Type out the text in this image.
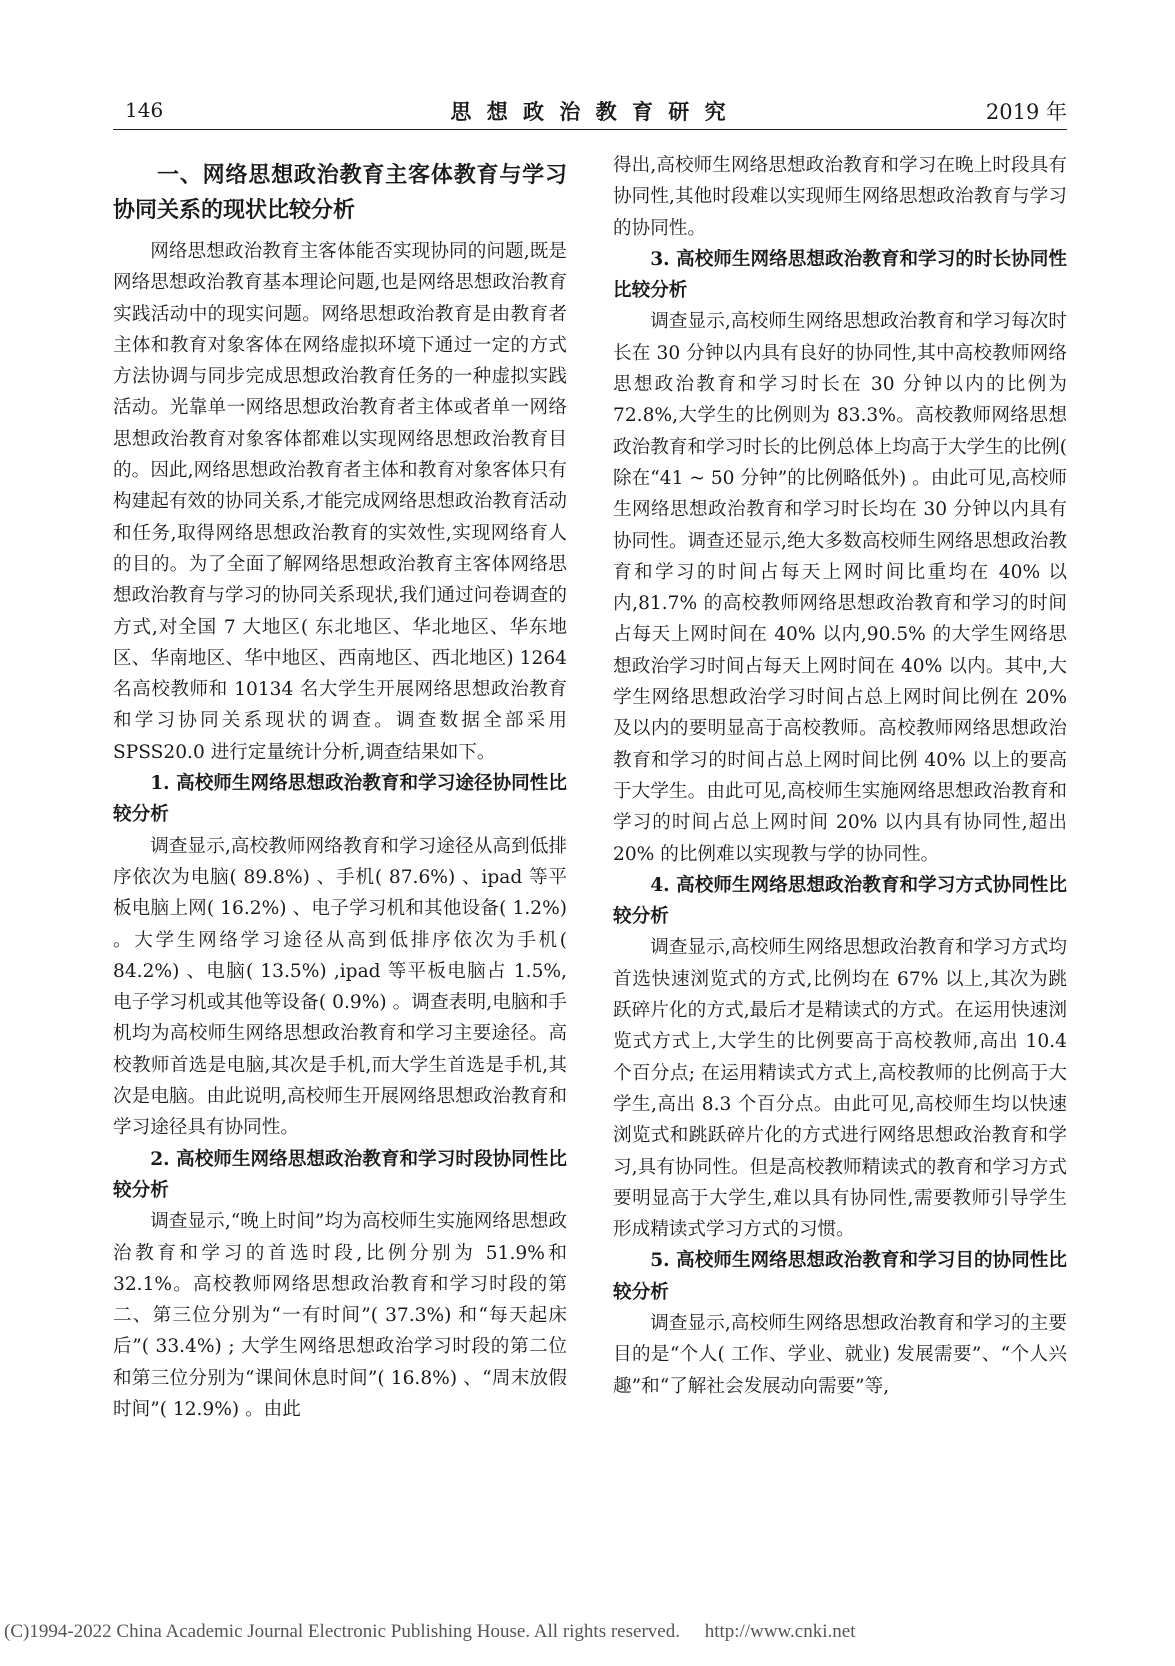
146	思 想 政 治 教 育 研 究	2019 年

一、网络思想政治教育主客体教育与学习协同关系的现状比较分析

网络思想政治教育主客体能否实现协同的问题,既是网络思想政治教育基本理论问题,也是网络思想政治教育实践活动中的现实问题。网络思想政治教育是由教育者主体和教育对象客体在网络虚拟环境下通过一定的方式方法协调与同步完成思想政治教育任务的一种虚拟实践活动。光靠单一网络思想政治教育者主体或者单一网络思想政治教育对象客体都难以实现网络思想政治教育目的。因此,网络思想政治教育者主体和教育对象客体只有构建起有效的协同关系,才能完成网络思想政治教育活动和任务,取得网络思想政治教育的实效性,实现网络育人的目的。为了全面了解网络思想政治教育主客体网络思想政治教育与学习的协同关系现状,我们通过问卷调查的方式,对全国 7 大地区( 东北地区、华北地区、华东地区、华南地区、华中地区、西南地区、西北地区) 1264 名高校教师和 10134 名大学生开展网络思想政治教育和学习协同关系现状的调查。调查数据全部采用 SPSS20.0 进行定量统计分析,调查结果如下。

1. 高校师生网络思想政治教育和学习途径协同性比较分析

调查显示,高校教师网络教育和学习途径从高到低排序依次为电脑( 89.8%) 、手机( 87.6%) 、ipad 等平板电脑上网( 16.2%) 、电子学习机和其他设备( 1.2%) 。大学生网络学习途径从高到低排序依次为手机( 84.2%) 、电脑( 13.5%) ,ipad 等平板电脑占 1.5%,电子学习机或其他等设备( 0.9%) 。调查表明,电脑和手机均为高校师生网络思想政治教育和学习主要途径。高校教师首选是电脑,其次是手机,而大学生首选是手机,其次是电脑。由此说明,高校师生开展网络思想政治教育和学习途径具有协同性。

2. 高校师生网络思想政治教育和学习时段协同性比较分析

调查显示,“晚上时间”均为高校师生实施网络思想政治教育和学习的首选时段,比例分别为 51.9%和 32.1%。高校教师网络思想政治教育和学习时段的第二、第三位分别为“一有时间”( 37.3%) 和“每天起床后”( 33.4%) ; 大学生网络思想政治学习时段的第二位和第三位分别为“课间休息时间”( 16.8%) 、“周末放假时间”( 12.9%) 。由此

得出,高校师生网络思想政治教育和学习在晚上时段具有协同性,其他时段难以实现师生网络思想政治教育与学习的协同性。

3. 高校师生网络思想政治教育和学习的时长协同性比较分析

调查显示,高校师生网络思想政治教育和学习每次时长在 30 分钟以内具有良好的协同性,其中高校教师网络思想政治教育和学习时长在 30 分钟以内的比例为 72.8%,大学生的比例则为 83.3%。高校教师网络思想政治教育和学习时长的比例总体上均高于大学生的比例( 除在“41 ~ 50 分钟”的比例略低外) 。由此可见,高校师生网络思想政治教育和学习时长均在 30 分钟以内具有协同性。调查还显示,绝大多数高校师生网络思想政治教育和学习的时间占每天上网时间比重均在 40% 以内,81.7% 的高校教师网络思想政治教育和学习的时间占每天上网时间在 40% 以内,90.5% 的大学生网络思想政治学习时间占每天上网时间在 40% 以内。其中,大学生网络思想政治学习时间占总上网时间比例在 20% 及以内的要明显高于高校教师。高校教师网络思想政治教育和学习的时间占总上网时间比例 40% 以上的要高于大学生。由此可见,高校师生实施网络思想政治教育和学习的时间占总上网时间 20% 以内具有协同性,超出 20% 的比例难以实现教与学的协同性。

4. 高校师生网络思想政治教育和学习方式协同性比较分析

调查显示,高校师生网络思想政治教育和学习方式均首选快速浏览式的方式,比例均在 67% 以上,其次为跳跃碎片化的方式,最后才是精读式的方式。在运用快速浏览式方式上,大学生的比例要高于高校教师,高出 10.4 个百分点; 在运用精读式方式上,高校教师的比例高于大学生,高出 8.3 个百分点。由此可见,高校师生均以快速浏览式和跳跃碎片化的方式进行网络思想政治教育和学习,具有协同性。但是高校教师精读式的教育和学习方式要明显高于大学生,难以具有协同性,需要教师引导学生形成精读式学习方式的习惯。

5. 高校师生网络思想政治教育和学习目的协同性比较分析

调查显示,高校师生网络思想政治教育和学习的主要目的是“个人( 工作、学业、就业) 发展需要”、“个人兴趣”和“了解社会发展动向需要”等,

(C)1994-2022 China Academic Journal Electronic Publishing House. All rights reserved. http://www.cnki.net
